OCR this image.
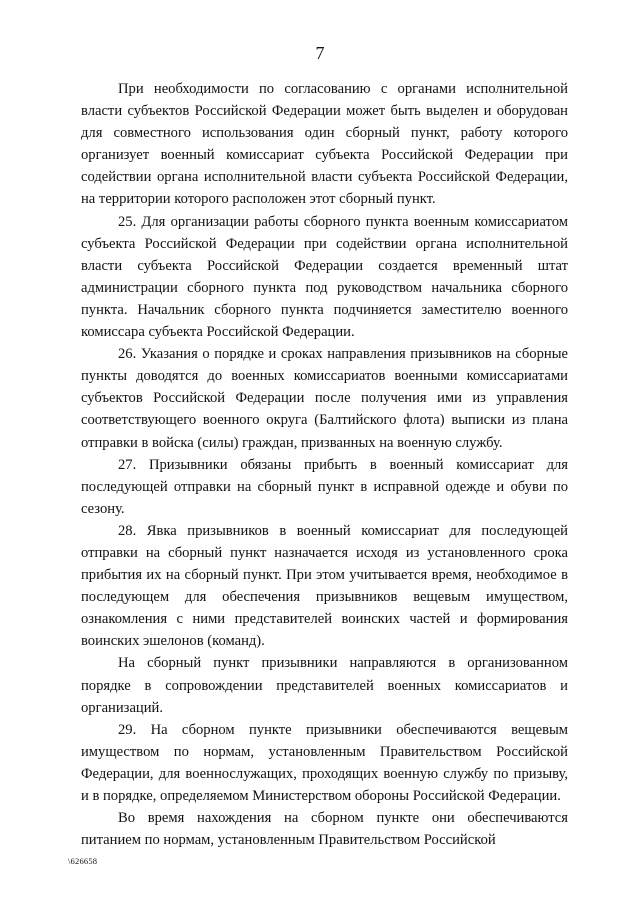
7

При необходимости по согласованию с органами исполнительной власти субъектов Российской Федерации может быть выделен и оборудован для совместного использования один сборный пункт, работу которого организует военный комиссариат субъекта Российской Федерации при содействии органа исполнительной власти субъекта Российской Федерации, на территории которого расположен этот сборный пункт.

25. Для организации работы сборного пункта военным комиссариатом субъекта Российской Федерации при содействии органа исполнительной власти субъекта Российской Федерации создается временный штат администрации сборного пункта под руководством начальника сборного пункта. Начальник сборного пункта подчиняется заместителю военного комиссара субъекта Российской Федерации.

26. Указания о порядке и сроках направления призывников на сборные пункты доводятся до военных комиссариатов военными комиссариатами субъектов Российской Федерации после получения ими из управления соответствующего военного округа (Балтийского флота) выписки из плана отправки в войска (силы) граждан, призванных на военную службу.

27. Призывники обязаны прибыть в военный комиссариат для последующей отправки на сборный пункт в исправной одежде и обуви по сезону.

28. Явка призывников в военный комиссариат для последующей отправки на сборный пункт назначается исходя из установленного срока прибытия их на сборный пункт. При этом учитывается время, необходимое в последующем для обеспечения призывников вещевым имуществом, ознакомления с ними представителей воинских частей и формирования воинских эшелонов (команд).

На сборный пункт призывники направляются в организованном порядке в сопровождении представителей военных комиссариатов и организаций.

29. На сборном пункте призывники обеспечиваются вещевым имуществом по нормам, установленным Правительством Российской Федерации, для военнослужащих, проходящих военную службу по призыву, и в порядке, определяемом Министерством обороны Российской Федерации.

Во время нахождения на сборном пункте они обеспечиваются питанием по нормам, установленным Правительством Российской

\626658
